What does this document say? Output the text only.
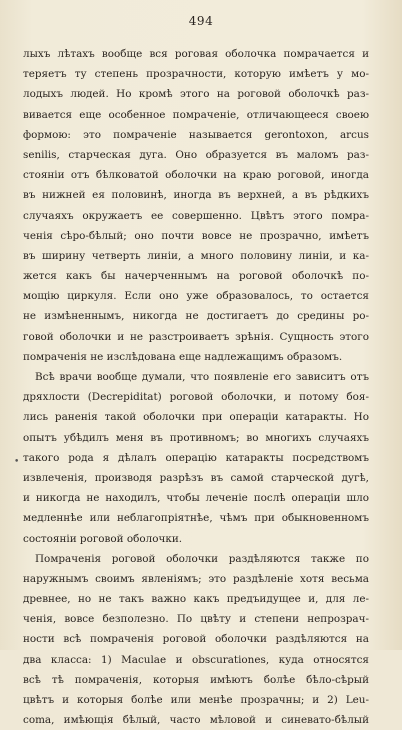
494
•
лыхъ лѣтахъ вообще вся роговая оболочка помрачается и
теряетъ ту степень прозрачности, которую имѣетъ у мо-
лодыхъ людей. Но кромѣ этого на роговой оболочкѣ раз-
вивается еще особенное помрачeніе, отличающееся своею
формою: это помраченіе называется gerontoxon, arcus
senilis, старческая дуга. Оно образуется въ маломъ раз-
стояніи отъ бѣлковатой оболочки на краю роговой, иногда
въ нижней ея половинѣ, иногда въ верхней, а въ рѣдкихъ
случаяхъ окружаетъ ее совершенно. Цвѣтъ этого помра-
ченія сѣро-бѣлый; оно почти вовсе не прозрачно, имѣетъ
въ ширину четверть линіи, а много половину линіи, и ка-
жется какъ бы начерченнымъ на роговой оболочкѣ по-
мощію циркуля. Если оно уже образовалось, то остается
не измѣненнымъ, никогда не достигаетъ до средины ро-
говой оболочки и не разстроиваетъ зрѣнія. Сущность этого
помраченія не изслѣдована еще надлежащимъ образомъ.
Всѣ врачи вообще думали, что появленіе его зависитъ отъ
дряхлости (Decrepiditat) роговой оболочки, и потому боя-
лись раненія такой оболочки при операціи катаракты. Но
опытъ убѣдилъ меня въ противномъ; во многихъ случаяхъ
такого рода я дѣлалъ операцію катаракты посредствомъ
извлеченія, производя разрѣзъ въ самой старческой дугѣ,
и никогда не находилъ, чтобы леченіе послѣ операціи шло
медленнѣе или неблагопріятнѣе, чѣмъ при обыкновенномъ
состояніи роговой оболочки.
Помраченія роговой оболочки раздѣляются также по
наружнымъ своимъ явленіямъ; это раздѣленіе хотя весьма
древнее, но не такъ важно какъ предъидущее и, для ле-
ченія, вовсе безполезно. По цвѣту и степени непрозрач-
ности всѣ помраченія роговой оболочки раздѣляются на
два класса: 1) Maculae и obscurationes, куда относятся
всѣ тѣ помраченія, которыя имѣютъ болѣе бѣло-сѣрый
цвѣтъ и которыя болѣе или менѣе прозрачны; и 2) Leu-
coma, имѣющія бѣлый, часто мѣловой и синевато-бѣлый
